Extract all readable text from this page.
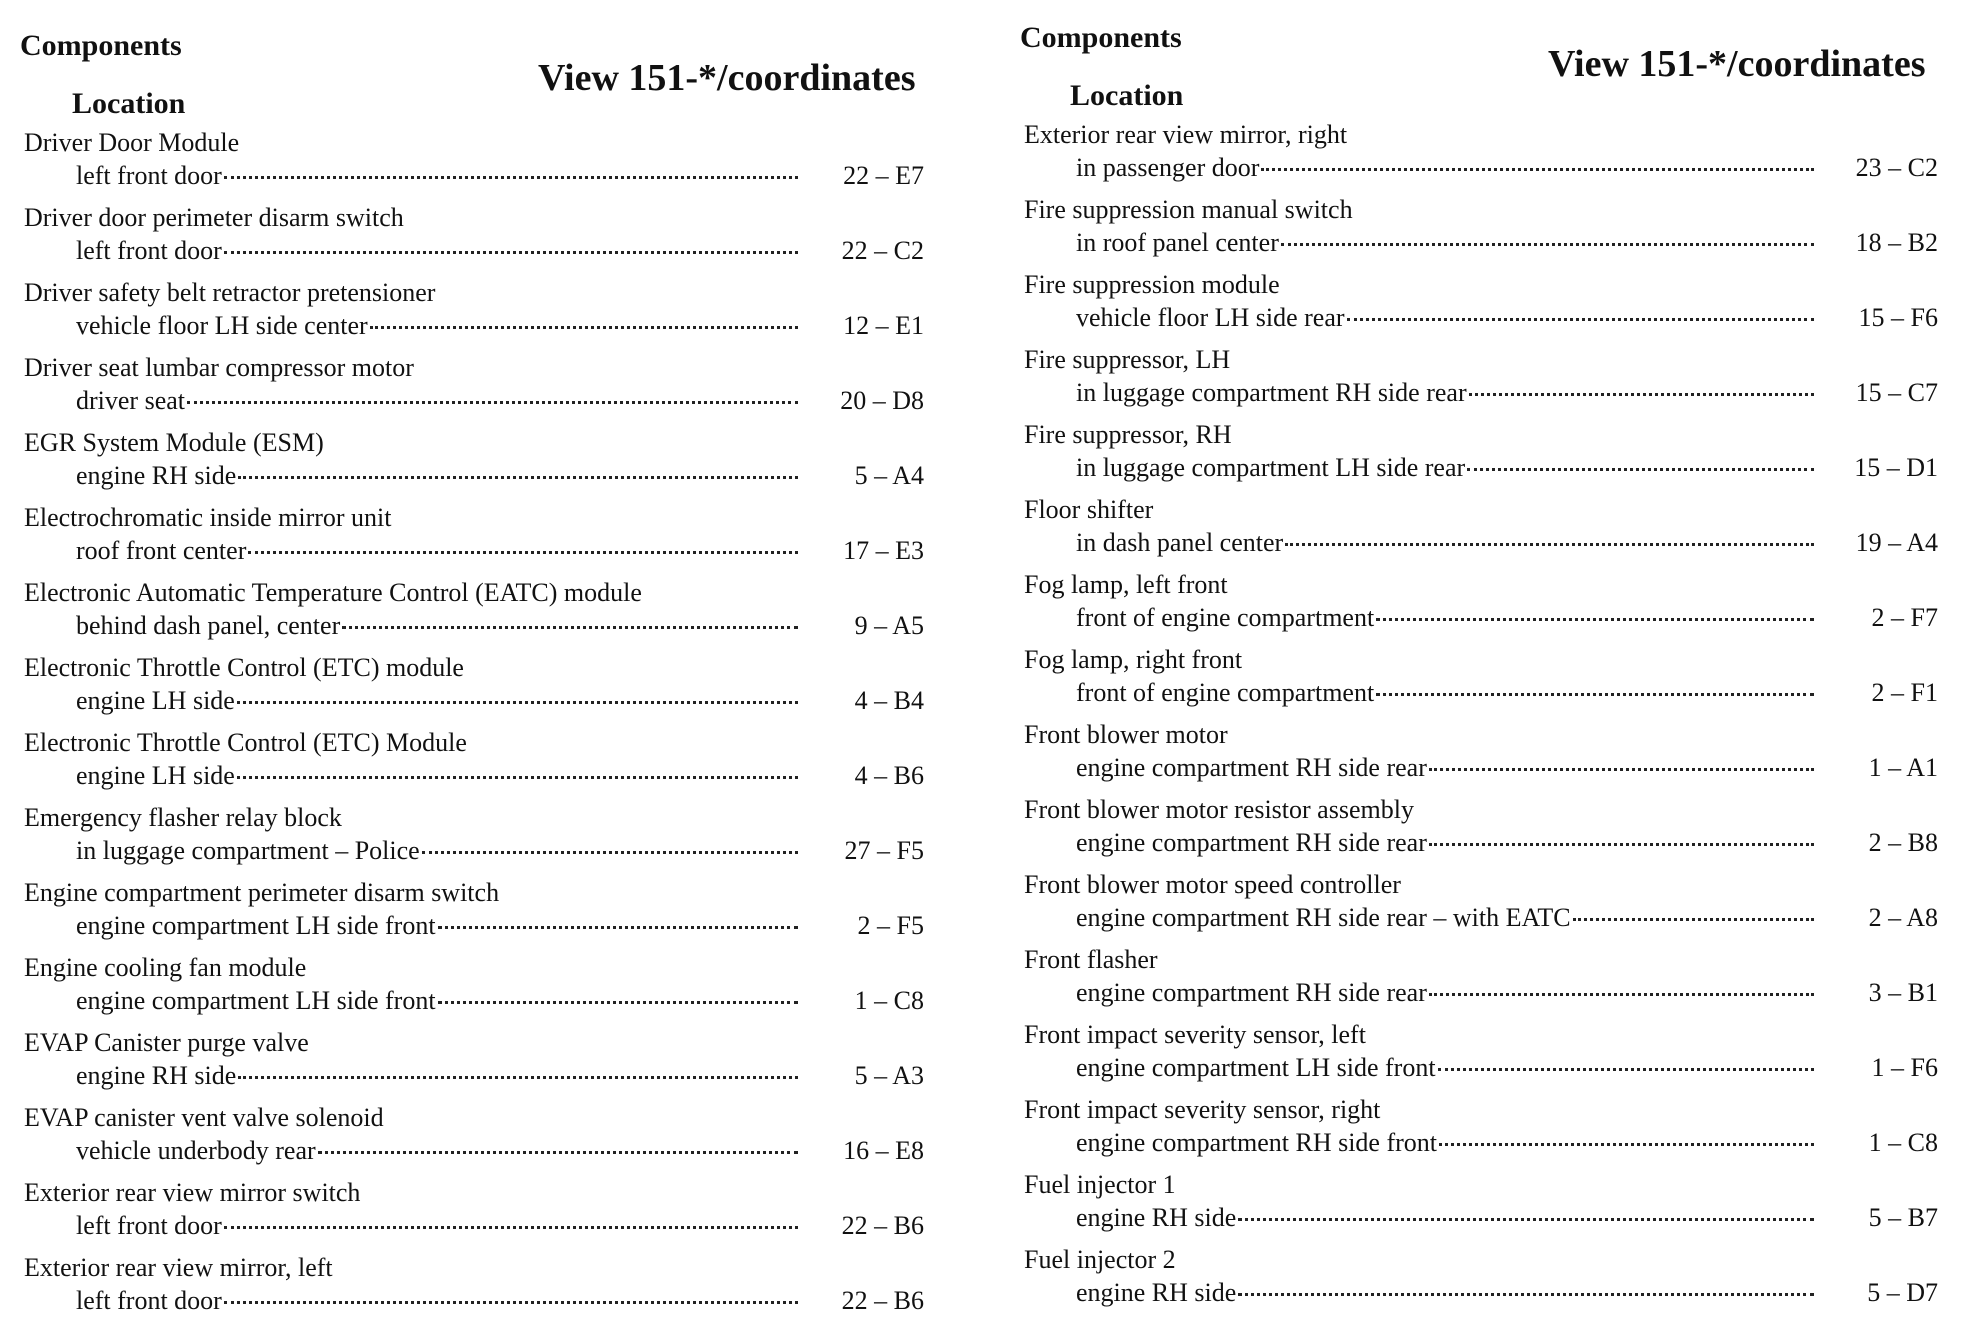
Components
Location
View 151-*/coordinates
Driver Door Module
left front door	22 – E7
Driver door perimeter disarm switch
left front door	22 – C2
Driver safety belt retractor pretensioner
vehicle floor LH side center	12 – E1
Driver seat lumbar compressor motor
driver seat	20 – D8
EGR System Module (ESM)
engine RH side	5 – A4
Electrochromatic inside mirror unit
roof front center	17 – E3
Electronic Automatic Temperature Control (EATC) module
behind dash panel, center	9 – A5
Electronic Throttle Control (ETC) module
engine LH side	4 – B4
Electronic Throttle Control (ETC) Module
engine LH side	4 – B6
Emergency flasher relay block
in luggage compartment – Police	27 – F5
Engine compartment perimeter disarm switch
engine compartment LH side front	2 – F5
Engine cooling fan module
engine compartment LH side front	1 – C8
EVAP Canister purge valve
engine RH side	5 – A3
EVAP canister vent valve solenoid
vehicle underbody rear	16 – E8
Exterior rear view mirror switch
left front door	22 – B6
Exterior rear view mirror, left
left front door	22 – B6
Components
Location
View 151-*/coordinates
Exterior rear view mirror, right
in passenger door	23 – C2
Fire suppression manual switch
in roof panel center	18 – B2
Fire suppression module
vehicle floor LH side rear	15 – F6
Fire suppressor, LH
in luggage compartment RH side rear	15 – C7
Fire suppressor, RH
in luggage compartment LH side rear	15 – D1
Floor shifter
in dash panel center	19 – A4
Fog lamp, left front
front of engine compartment	2 – F7
Fog lamp, right front
front of engine compartment	2 – F1
Front blower motor
engine compartment RH side rear	1 – A1
Front blower motor resistor assembly
engine compartment RH side rear	2 – B8
Front blower motor speed controller
engine compartment RH side rear – with EATC	2 – A8
Front flasher
engine compartment RH side rear	3 – B1
Front impact severity sensor, left
engine compartment LH side front	1 – F6
Front impact severity sensor, right
engine compartment RH side front	1 – C8
Fuel injector 1
engine RH side	5 – B7
Fuel injector 2
engine RH side	5 – D7
